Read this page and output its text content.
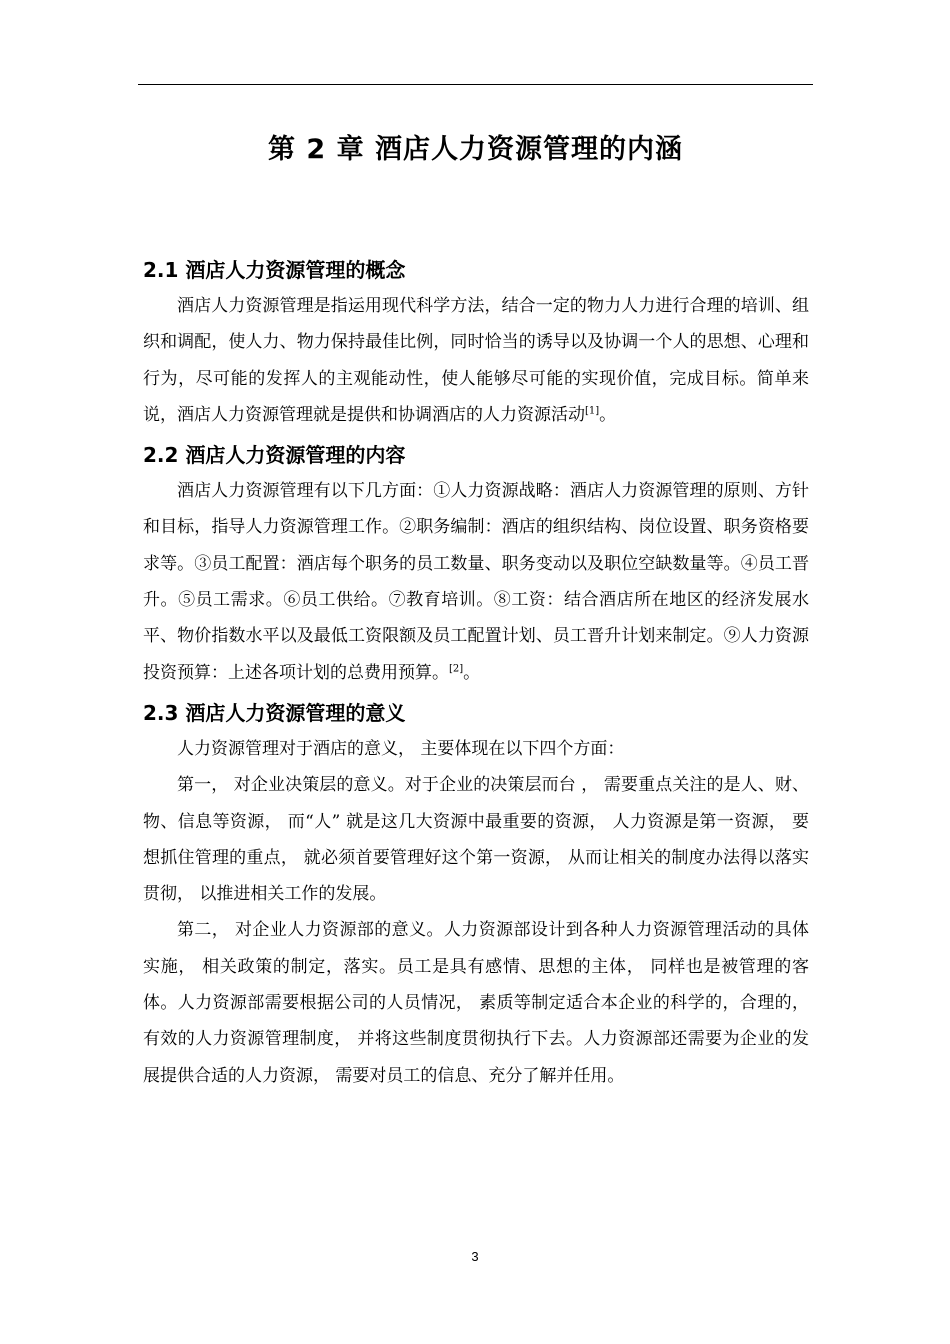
第 2 章 酒店人力资源管理的内涵
2.1 酒店人力资源管理的概念

酒店人力资源管理是指运用现代科学方法，结合一定的物力人力进行合理的培训、组织和调配，使人力、物力保持最佳比例，同时恰当的诱导以及协调一个人的思想、心理和行为，尽可能的发挥人的主观能动性，使人能够尽可能的实现价值，完成目标。简单来说，酒店人力资源管理就是提供和协调酒店的人力资源活动[1]。

2.2 酒店人力资源管理的内容

酒店人力资源管理有以下几方面：①人力资源战略：酒店人力资源管理的原则、方针和目标，指导人力资源管理工作。②职务编制：酒店的组织结构、岗位设置、职务资格要求等。③员工配置：酒店每个职务的员工数量、职务变动以及职位空缺数量等。④员工晋升。⑤员工需求。⑥员工供给。⑦教育培训。⑧工资：结合酒店所在地区的经济发展水平、物价指数水平以及最低工资限额及员工配置计划、员工晋升计划来制定。⑨人力资源投资预算：上述各项计划的总费用预算。[2]。

2.3 酒店人力资源管理的意义

人力资源管理对于酒店的意义， 主要体现在以下四个方面：

第一， 对企业决策层的意义。对于企业的决策层而台 ， 需要重点关注的是人、财、物、信息等资源， 而“人” 就是这几大资源中最重要的资源， 人力资源是第一资源， 要想抓住管理的重点， 就必须首要管理好这个第一资源， 从而让相关的制度办法得以落实贯彻， 以推进相关工作的发展。

第二， 对企业人力资源部的意义。人力资源部设计到各种人力资源管理活动的具体实施， 相关政策的制定，落实。员工是具有感情、思想的主体， 同样也是被管理的客体。人力资源部需要根据公司的人员情况， 素质等制定适合本企业的科学的，合理的， 有效的人力资源管理制度， 并将这些制度贯彻执行下去。人力资源部还需要为企业的发展提供合适的人力资源， 需要对员工的信息、充分了解并任用。

3
